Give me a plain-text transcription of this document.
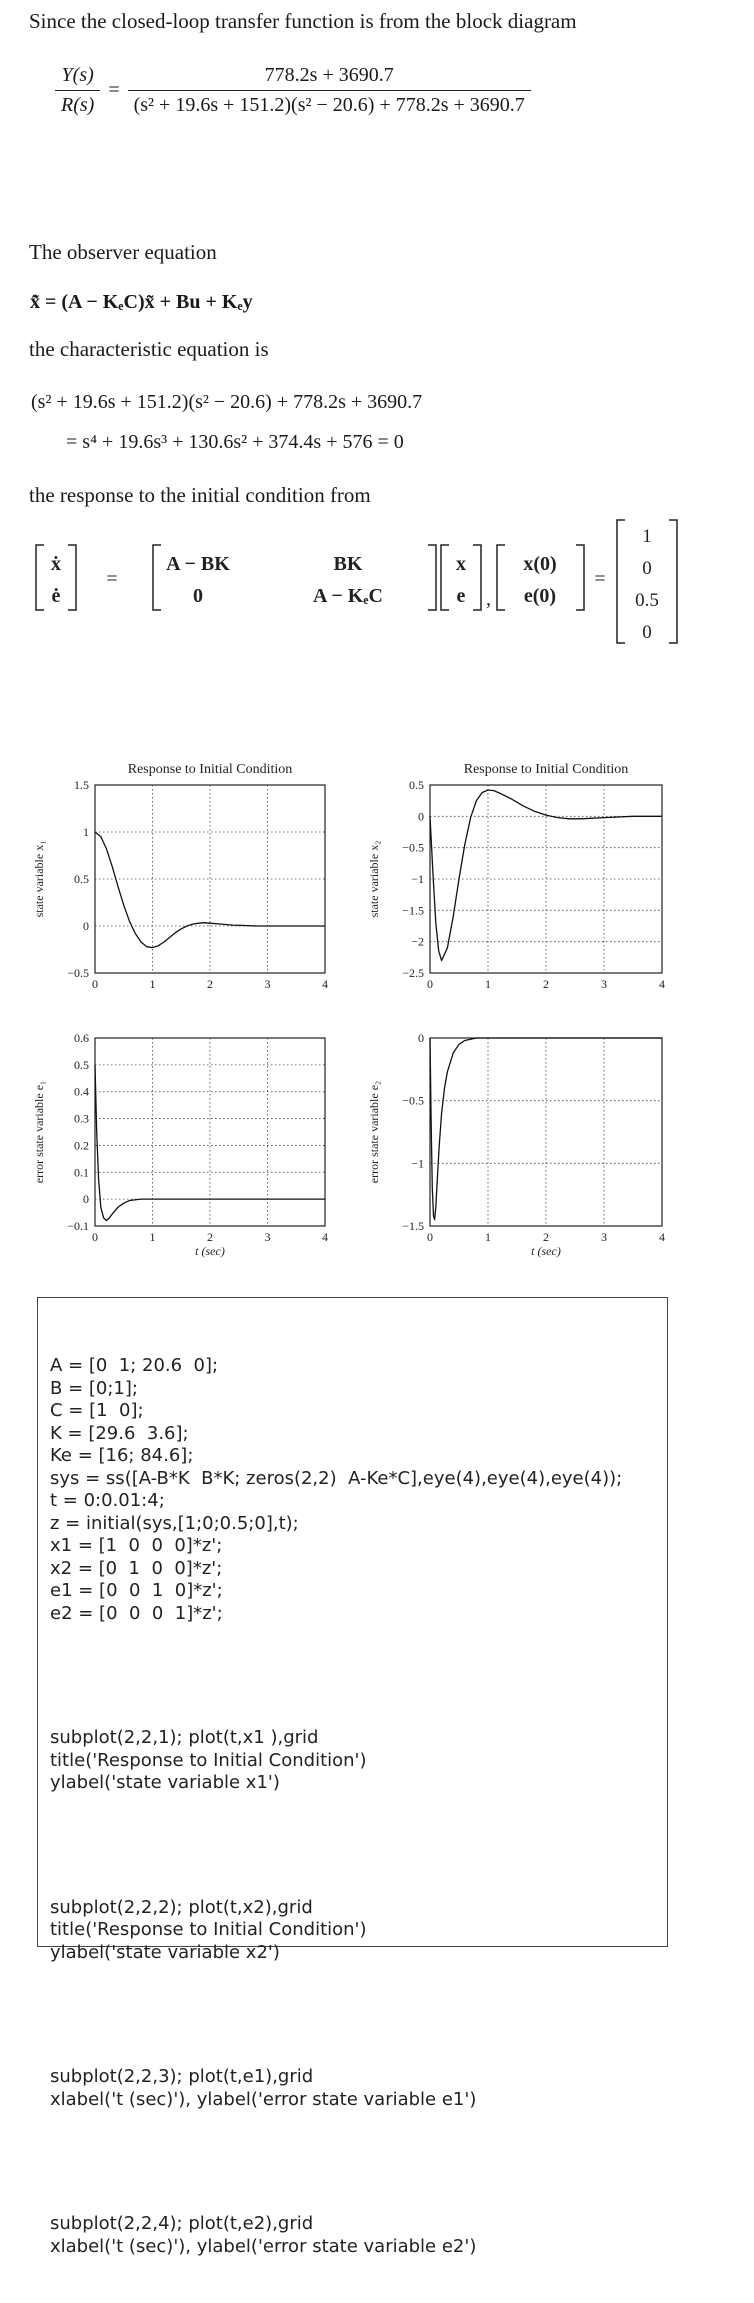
Since the closed-loop transfer function is from the block diagram
$\frac{Y(s)}{R(s)} = \frac{778.2s + 3690.7}{\text{(s² + 19.6s + 151.2)(s² − 20.6) + 778.2s + 3690.7}}$
The observer equation
x̃̇ = (A − KₑC)x̃ + Bu + Kₑy
the characteristic equation is
(s² + 19.6s + 151.2)(s² − 20.6) + 778.2s + 3690.7
= s⁴ + 19.6s³ + 130.6s² + 374.4s + 576 = 0
the response to the initial condition from
ẋ
ė
=
A − BK	BK
0	A − KₑC
x
e ,
x(0)
e(0)
=
1
0
0.5
0
0	1	2	3	4
−0.5
0
0.5
1
1.5
Response to Initial Condition
state variable x₁
0	1	2	3	4
−2.5
−2
−1.5
−1
−0.5
0
0.5
Response to Initial Condition
state variable x₂
0	1	2	3	4
−0.1
0
0.1
0.2
0.3
0.4
0.5
0.6
t (sec)
error state variable e₁
0	1	2	3	4
−1.5
−1
−0.5
0
t (sec)
error state variable e₂

A = [0  1; 20.6  0];
B = [0;1];
C = [1  0];
K = [29.6  3.6];
Ke = [16; 84.6];
sys = ss([A-B*K  B*K; zeros(2,2)  A-Ke*C],eye(4),eye(4),eye(4));
t = 0:0.01:4;
z = initial(sys,[1;0;0.5;0],t);
x1 = [1  0  0  0]*z';
x2 = [0  1  0  0]*z';
e1 = [0  0  1  0]*z';
e2 = [0  0  0  1]*z';

subplot(2,2,1); plot(t,x1 ),grid
title('Response to Initial Condition')
ylabel('state variable x1')

subplot(2,2,2); plot(t,x2),grid
title('Response to Initial Condition')
ylabel('state variable x2')

subplot(2,2,3); plot(t,e1),grid
xlabel('t (sec)'), ylabel('error state variable e1')

subplot(2,2,4); plot(t,e2),grid
xlabel('t (sec)'), ylabel('error state variable e2')
